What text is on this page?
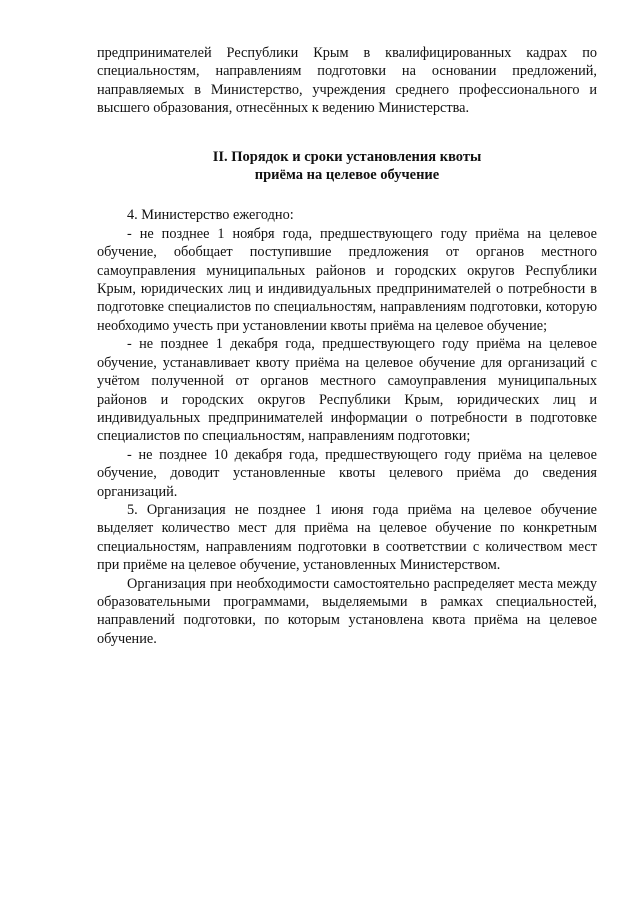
предпринимателей Республики Крым в квалифицированных кадрах по специальностям, направлениям подготовки на основании предложений, направляемых в Министерство, учреждения среднего профессионального и высшего образования, отнесённых к ведению Министерства.

II. Порядок и сроки установления квоты
приёма на целевое обучение

4. Министерство ежегодно:

- не позднее 1 ноября года, предшествующего году приёма на целевое обучение, обобщает поступившие предложения от органов местного самоуправления муниципальных районов и городских округов Республики Крым, юридических лиц и индивидуальных предпринимателей о потребности в подготовке специалистов по специальностям, направлениям подготовки, которую необходимо учесть при установлении квоты приёма на целевое обучение;

- не позднее 1 декабря года, предшествующего году приёма на целевое обучение, устанавливает квоту приёма на целевое обучение для организаций с учётом полученной от органов местного самоуправления муниципальных районов и городских округов Республики Крым, юридических лиц и индивидуальных предпринимателей информации о потребности в подготовке специалистов по специальностям, направлениям подготовки;

- не позднее 10 декабря года, предшествующего году приёма на целевое обучение, доводит установленные квоты целевого приёма до сведения организаций.

5. Организация не позднее 1 июня года приёма на целевое обучение выделяет количество мест для приёма на целевое обучение по конкретным специальностям, направлениям подготовки в соответствии с количеством мест при приёме на целевое обучение, установленных Министерством.

Организация при необходимости самостоятельно распределяет места между образовательными программами, выделяемыми в рамках специальностей, направлений подготовки, по которым установлена квота приёма на целевое обучение.
